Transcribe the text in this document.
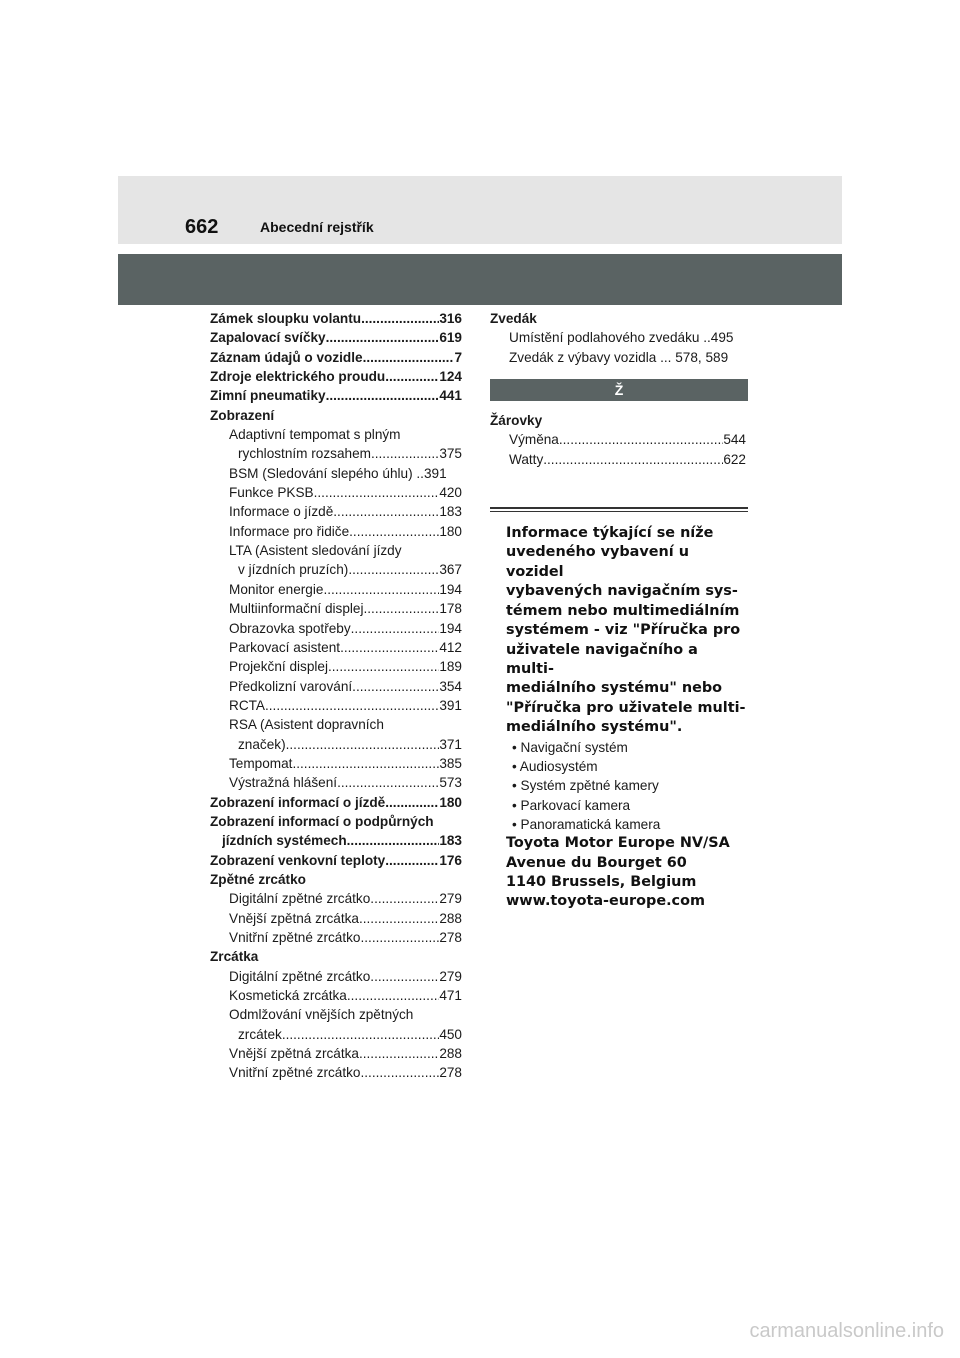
662	Abecední rejstřík
Zámek sloupku volantu .....	316
Zapalovací svíčky .....	619
Záznam údajů o vozidle .....	7
Zdroje elektrického proudu .....	124
Zimní pneumatiky .....	441
Zobrazení
Adaptivní tempomat s plným
rychlostním rozsahem .....	375
BSM (Sledování slepého úhlu) .. 391
Funkce PKSB .....	420
Informace o jízdě .....	183
Informace pro řidiče .....	180
LTA (Asistent sledování jízdy
v jízdních pruzích) .....	367
Monitor energie .....	194
Multiinformační displej .....	178
Obrazovka spotřeby .....	194
Parkovací asistent .....	412
Projekční displej .....	189
Předkolizní varování .....	354
RCTA .....	391
RSA (Asistent dopravních
značek) .....	371
Tempomat .....	385
Výstražná hlášení .....	573
Zobrazení informací o jízdě .....	180
Zobrazení informací o podpůrných
jízdních systémech .....	183
Zobrazení venkovní teploty .....	176
Zpětné zrcátko
Digitální zpětné zrcátko .....	279
Vnější zpětná zrcátka .....	288
Vnitřní zpětné zrcátko .....	278
Zrcátka
Digitální zpětné zrcátko .....	279
Kosmetická zrcátka .....	471
Odmlžování vnějších zpětných
zrcátek .....	450
Vnější zpětná zrcátka .....	288
Vnitřní zpětné zrcátko .....	278
Zvedák
Umístění podlahového zvedáku ..495
Zvedák z výbavy vozidla ... 578, 589
Ž
Žárovky
Výměna .....	544
Watty .....	622
Informace týkající se níže
uvedeného vybavení u vozidel
vybavených navigačním sys-
témem nebo multimediálním
systémem - viz "Příručka pro
uživatele navigačního a multi-
mediálního systému" nebo
"Příručka pro uživatele multi-
mediálního systému".
• Navigační systém
• Audiosystém
• Systém zpětné kamery
• Parkovací kamera
• Panoramatická kamera
Toyota Motor Europe NV/SA
Avenue du Bourget 60
1140 Brussels, Belgium
www.toyota-europe.com
carmanualsonline.info
